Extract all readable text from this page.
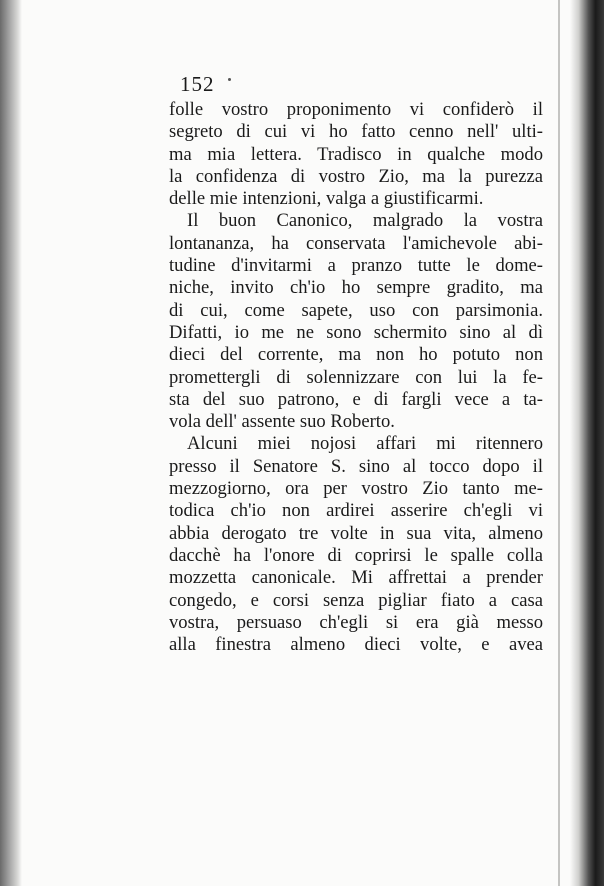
152
folle vostro proponimento vi confiderò il
segreto di cui vi ho fatto cenno nell' ulti-
ma mia lettera. Tradisco in qualche modo
la confidenza di vostro Zio, ma la purezza
delle mie intenzioni, valga a giustificarmi.
Il buon Canonico, malgrado la vostra
lontananza, ha conservata l'amichevole abi-
tudine d'invitarmi a pranzo tutte le dome-
niche, invito ch'io ho sempre gradito, ma
di cui, come sapete, uso con parsimonia.
Difatti, io me ne sono schermito sino al dì
dieci del corrente, ma non ho potuto non
promettergli di solennizzare con lui la fe-
sta del suo patrono, e di fargli vece a ta-
vola dell' assente suo Roberto.
Alcuni miei nojosi affari mi ritennero
presso il Senatore S. sino al tocco dopo il
mezzogiorno, ora per vostro Zio tanto me-
todica ch'io non ardirei asserire ch'egli vi
abbia derogato tre volte in sua vita, almeno
dacchè ha l'onore di coprirsi le spalle colla
mozzetta canonicale. Mi affrettai a prender
congedo, e corsi senza pigliar fiato a casa
vostra, persuaso ch'egli si era già messo
alla finestra almeno dieci volte, e avea
